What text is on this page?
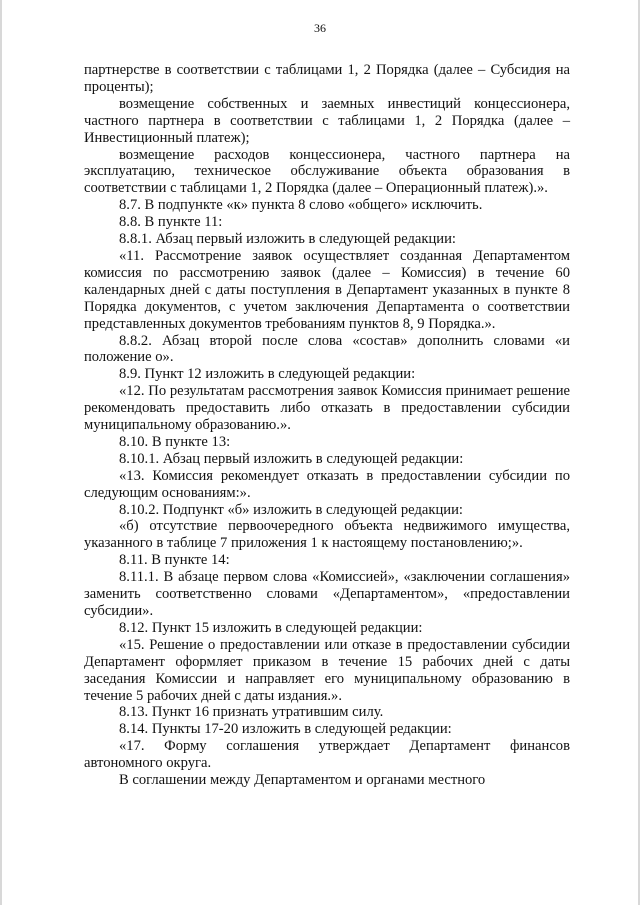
36

партнерстве в соответствии с таблицами 1, 2 Порядка (далее – Субсидия на проценты);

возмещение собственных и заемных инвестиций концессионера, частного партнера в соответствии с таблицами 1, 2 Порядка (далее – Инвестиционный платеж);

возмещение расходов концессионера, частного партнера на эксплуатацию, техническое обслуживание объекта образования в соответствии с таблицами 1, 2 Порядка (далее – Операционный платеж).».

8.7. В подпункте «к» пункта 8 слово «общего» исключить.

8.8. В пункте 11:

8.8.1. Абзац первый изложить в следующей редакции:

«11. Рассмотрение заявок осуществляет созданная Департаментом комиссия по рассмотрению заявок (далее – Комиссия) в течение 60 календарных дней с даты поступления в Департамент указанных в пункте 8 Порядка документов, с учетом заключения Департамента о соответствии представленных документов требованиям пунктов 8, 9 Порядка.».

8.8.2. Абзац второй после слова «состав» дополнить словами «и положение о».

8.9. Пункт 12 изложить в следующей редакции:

«12. По результатам рассмотрения заявок Комиссия принимает решение рекомендовать предоставить либо отказать в предоставлении субсидии муниципальному образованию.».

8.10. В пункте 13:

8.10.1. Абзац первый изложить в следующей редакции:

«13. Комиссия рекомендует отказать в предоставлении субсидии по следующим основаниям:».

8.10.2. Подпункт «б» изложить в следующей редакции:

«б) отсутствие первоочередного объекта недвижимого имущества, указанного в таблице 7 приложения 1 к настоящему постановлению;».

8.11. В пункте 14:

8.11.1. В абзаце первом слова «Комиссией», «заключении соглашения» заменить соответственно словами «Департаментом», «предоставлении субсидии».

8.12. Пункт 15 изложить в следующей редакции:

«15. Решение о предоставлении или отказе в предоставлении субсидии Департамент оформляет приказом в течение 15 рабочих дней с даты заседания Комиссии и направляет его муниципальному образованию в течение 5 рабочих дней с даты издания.».

8.13. Пункт 16 признать утратившим силу.

8.14. Пункты 17-20 изложить в следующей редакции:

«17. Форму соглашения утверждает Департамент финансов автономного округа.

В соглашении между Департаментом и органами местного
